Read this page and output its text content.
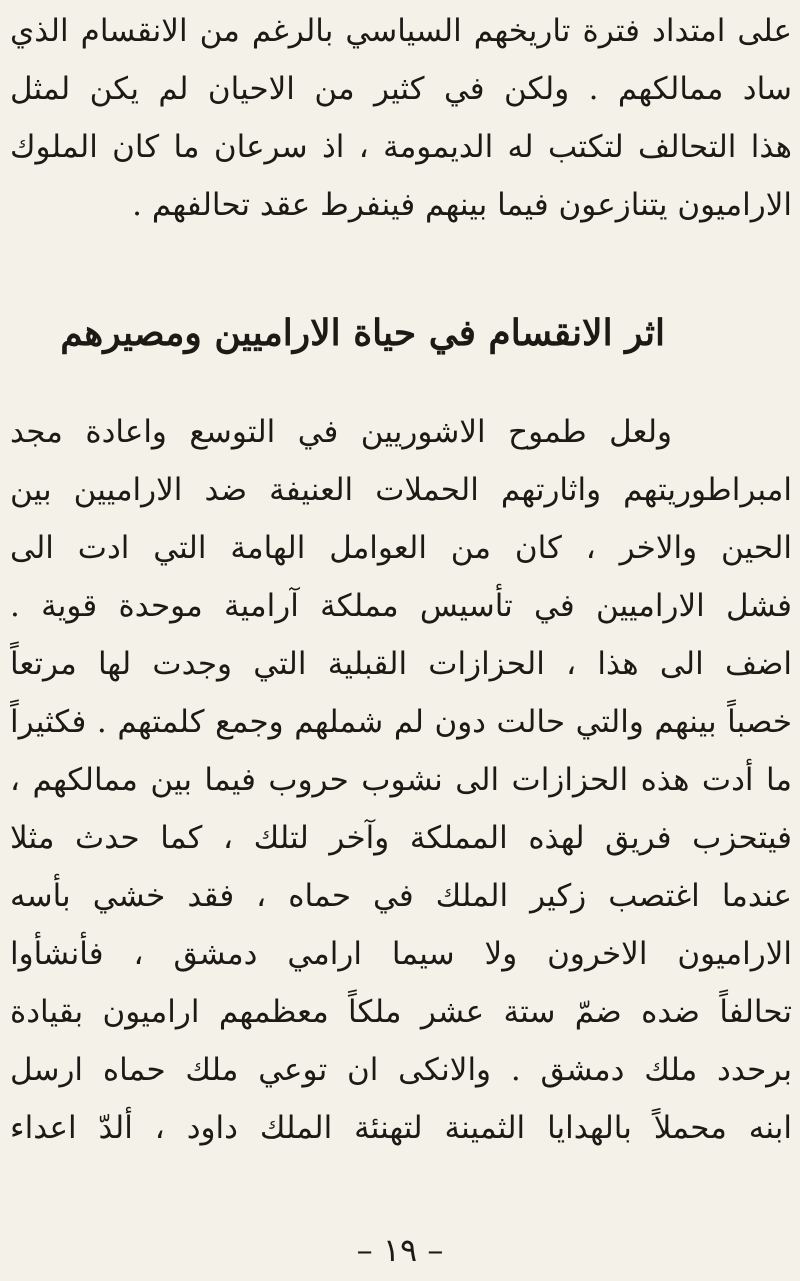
على امتداد فترة تاريخهم السياسي بالرغم من الانقسام الذي
ساد ممالكهم . ولكن في كثير من الاحيان لم يكن لمثل
هذا التحالف لتكتب له الديمومة ، اذ سرعان ما كان الملوك
الاراميون يتنازعون فيما بينهم فينفرط عقد تحالفهم .
اثر الانقسام في حياة الاراميين ومصيرهم
ولعل طموح الاشوريين في التوسع واعادة مجد
امبراطوريتهم واثارتهم الحملات العنيفة ضد الاراميين بين
الحين والاخر ، كان من العوامل الهامة التي ادت الى
فشل الاراميين في تأسيس مملكة آرامية موحدة قوية .
اضف الى هذا ، الحزازات القبلية التي وجدت لها مرتعاً
خصباً بينهم والتي حالت دون لم شملهم وجمع كلمتهم . فكثيراً
ما أدت هذه الحزازات الى نشوب حروب فيما بين ممالكهم ،
فيتحزب فريق لهذه المملكة وآخر لتلك ، كما حدث مثلا
عندما اغتصب زكير الملك في حماه ، فقد خشي بأسه
الاراميون الاخرون ولا سيما ارامي دمشق ، فأنشأوا
تحالفاً ضده ضمّ ستة عشر ملكاً معظمهم اراميون بقيادة
برحدد ملك دمشق . والانكى ان توعي ملك حماه ارسل
ابنه محملاً بالهدايا الثمينة لتهنئة الملك داود ، ألدّ اعداء
– ١٩ –
